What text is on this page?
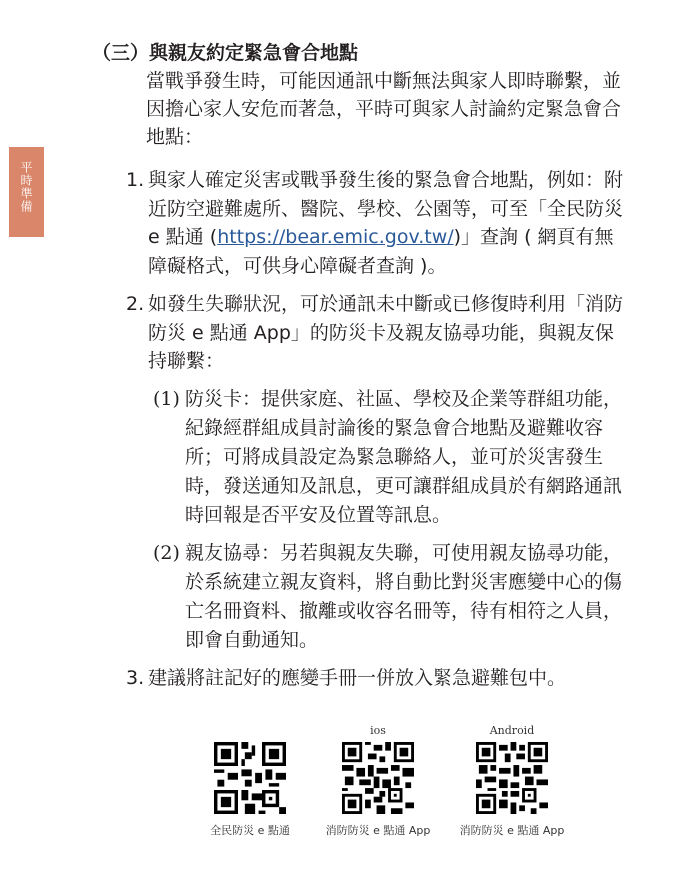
平時準備
（三）與親友約定緊急會合地點
當戰爭發生時，可能因通訊中斷無法與家人即時聯繫，並因擔心家人安危而著急，平時可與家人討論約定緊急會合地點：
1. 與家人確定災害或戰爭發生後的緊急會合地點，例如：附近防空避難處所、醫院、學校、公園等，可至「全民防災 e 點通 (https://bear.emic.gov.tw/)」查詢 ( 網頁有無障礙格式，可供身心障礙者查詢 )。
2. 如發生失聯狀況，可於通訊未中斷或已修復時利用「消防防災 e 點通 App」的防災卡及親友協尋功能，與親友保持聯繫：
(1) 防災卡：提供家庭、社區、學校及企業等群組功能，紀錄經群組成員討論後的緊急會合地點及避難收容所；可將成員設定為緊急聯絡人，並可於災害發生時，發送通知及訊息，更可讓群組成員於有網路通訊時回報是否平安及位置等訊息。
(2) 親友協尋：另若與親友失聯，可使用親友協尋功能，於系統建立親友資料，將自動比對災害應變中心的傷亡名冊資料、撤離或收容名冊等，待有相符之人員，即會自動通知。
3. 建議將註記好的應變手冊一併放入緊急避難包中。
全民防災 e 點通
ios
消防防災 e 點通 App
Android
消防防災 e 點通 App
